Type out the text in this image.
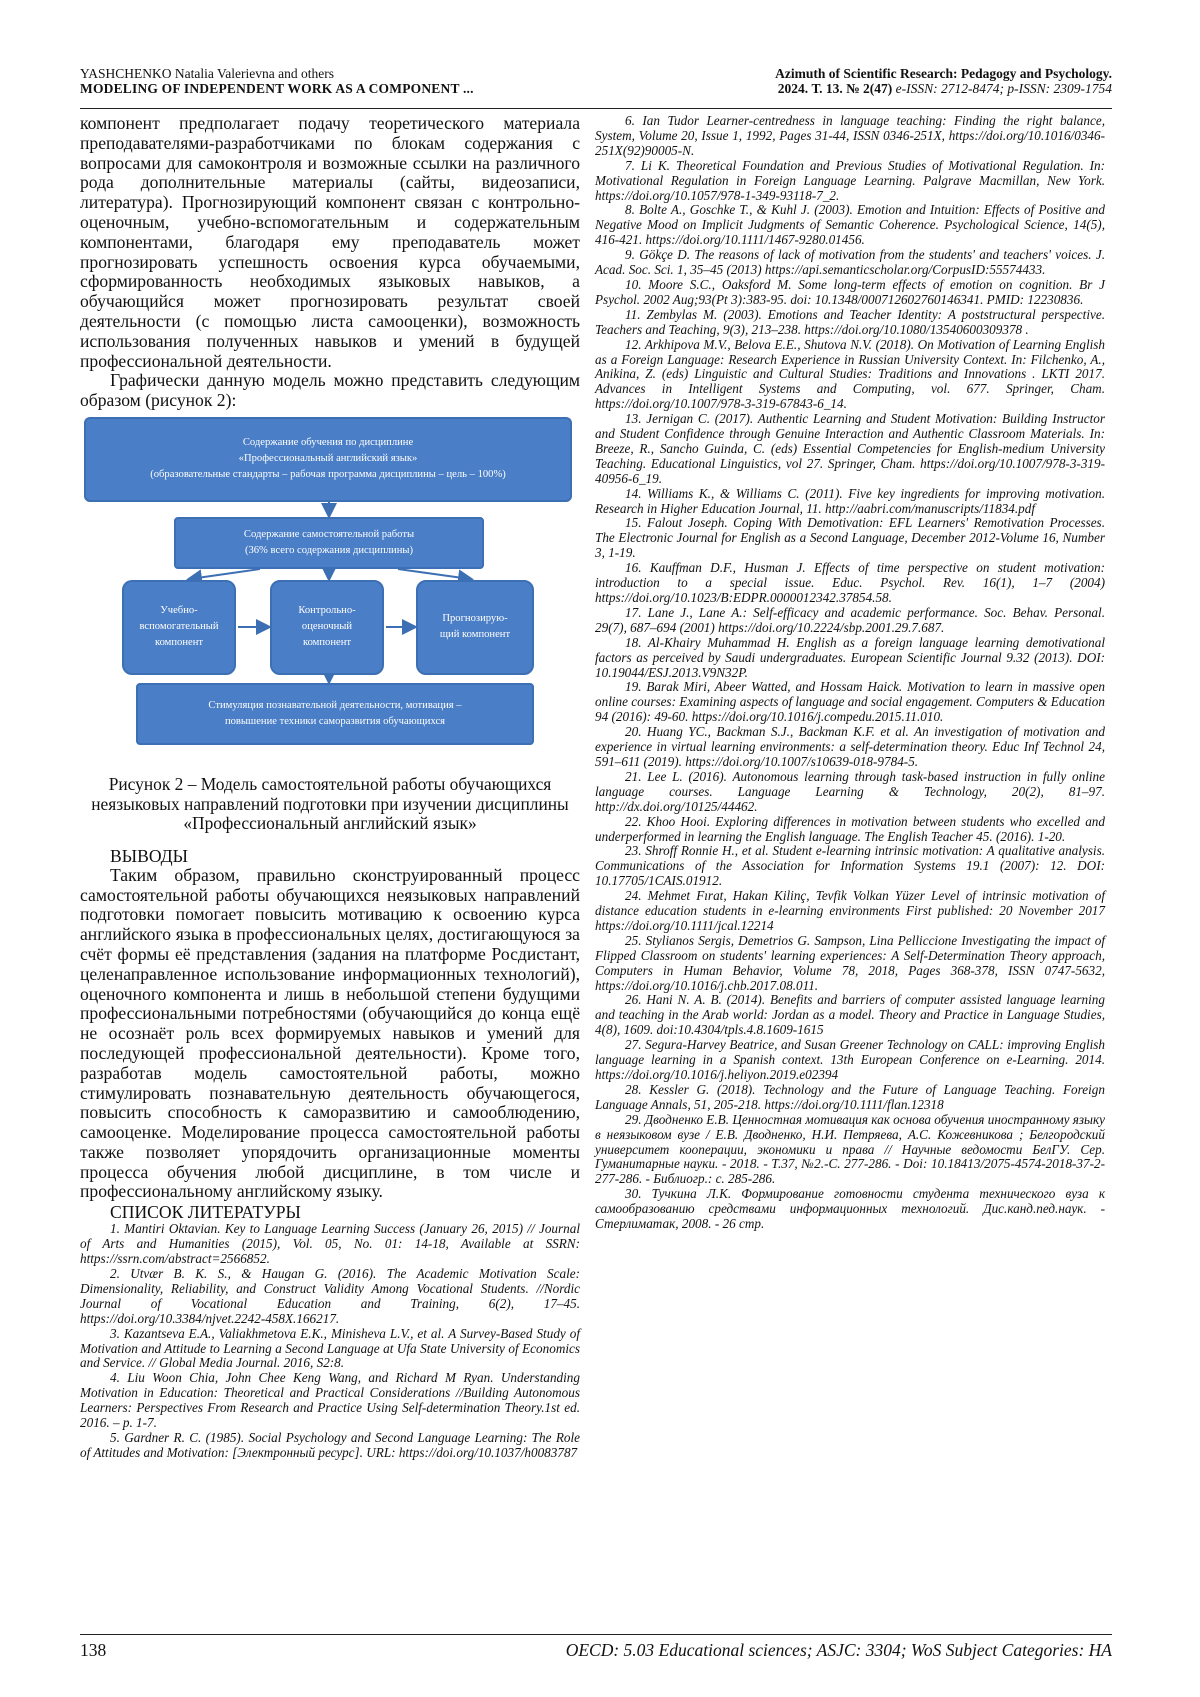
YASHCHENKO Natalia Valerievna and others
MODELING OF INDEPENDENT WORK AS A COMPONENT ...
Azimuth of Scientific Research: Pedagogy and Psychology.
2024. Т. 13. № 2(47) e-ISSN: 2712-8474; p-ISSN: 2309-1754

компонент предполагает подачу теоретического материала преподавателями-разработчиками по блокам содержания с вопросами для самоконтроля и возможные ссылки на различного рода дополнительные материалы (сайты, видеозаписи, литература). Прогнозирующий компонент связан с контрольно-оценочным, учебно-вспомогательным и содержательным компонентами, благодаря ему преподаватель может прогнозировать успешность освоения курса обучаемыми, сформированность необходимых языковых навыков, а обучающийся может прогнозировать результат своей деятельности (с помощью листа самооценки), возможность использования полученных навыков и умений в будущей профессиональной деятельности.

Графически данную модель можно представить следующим образом (рисунок 2):

Содержание обучения по дисциплине
«Профессиональный английский язык»
(образовательные стандарты – рабочая программа дисциплины – цель – 100%)
Содержание самостоятельной работы
(36% всего содержания дисциплины)
Учебно-
вспомогательный
компонент
Контрольно-
оценочный
компонент
Прогнозирую-
щий компонент
Стимуляция познавательной деятельности, мотивация –
повышение техники саморазвития обучающихся

Рисунок 2 – Модель самостоятельной работы обучающихся неязыковых направлений подготовки при изучении дисциплины «Профессиональный английский язык»

ВЫВОДЫ

Таким образом, правильно сконструированный процесс самостоятельной работы обучающихся неязыковых направлений подготовки помогает повысить мотивацию к освоению курса английского языка в профессиональных целях, достигающуюся за счёт формы её представления (задания на платформе Росдистант, целенаправленное использование информационных технологий), оценочного компонента и лишь в небольшой степени будущими профессиональными потребностями (обучающийся до конца ещё не осознаёт роль всех формируемых навыков и умений для последующей профессиональной деятельности). Кроме того, разработав модель самостоятельной работы, можно стимулировать познавательную деятельность обучающегося, повысить способность к саморазвитию и самооблюдению, самооценке. Моделирование процесса самостоятельной работы также позволяет упорядочить организационные моменты процесса обучения любой дисциплине, в том числе и профессиональному английскому языку.

СПИСОК ЛИТЕРАТУРЫ

1. Mantiri Oktavian. Key to Language Learning Success (January 26, 2015) // Journal of Arts and Humanities (2015), Vol. 05, No. 01: 14-18, Available at SSRN: https://ssrn.com/abstract=2566852.

2. Utvær B. K. S., & Haugan G. (2016). The Academic Motivation Scale: Dimensionality, Reliability, and Construct Validity Among Vocational Students. //Nordic Journal of Vocational Education and Training, 6(2), 17–45. https://doi.org/10.3384/njvet.2242-458X.166217.

3. Kazantseva E.A., Valiakhmetova E.K., Minisheva L.V., et al. A Survey-Based Study of Motivation and Attitude to Learning a Second Language at Ufa State University of Economics and Service. // Global Media Journal. 2016, S2:8.

4. Liu Woon Chia, John Chee Keng Wang, and Richard M Ryan. Understanding Motivation in Education: Theoretical and Practical Considerations //Building Autonomous Learners: Perspectives From Research and Practice Using Self-determination Theory.1st ed. 2016. – p. 1-7.

5. Gardner R. C. (1985). Social Psychology and Second Language Learning: The Role of Attitudes and Motivation: [Электронный ресурс]. URL: https://doi.org/10.1037/h0083787

6. Ian Tudor Learner-centredness in language teaching: Finding the right balance, System, Volume 20, Issue 1, 1992, Pages 31-44, ISSN 0346-251X, https://doi.org/10.1016/0346-251X(92)90005-N.

7. Li K. Theoretical Foundation and Previous Studies of Motivational Regulation. In: Motivational Regulation in Foreign Language Learning. Palgrave Macmillan, New York. https://doi.org/10.1057/978-1-349-93118-7_2.

8. Bolte A., Goschke T., & Kuhl J. (2003). Emotion and Intuition: Effects of Positive and Negative Mood on Implicit Judgments of Semantic Coherence. Psychological Science, 14(5), 416-421. https://doi.org/10.1111/1467-9280.01456.

9. Gökçe D. The reasons of lack of motivation from the students' and teachers' voices. J. Acad. Soc. Sci. 1, 35–45 (2013) https://api.semanticscholar.org/CorpusID:55574433.

10. Moore S.C., Oaksford M. Some long-term effects of emotion on cognition. Br J Psychol. 2002 Aug;93(Pt 3):383-95. doi: 10.1348/000712602760146341. PMID: 12230836.

11. Zembylas M. (2003). Emotions and Teacher Identity: A poststructural perspective. Teachers and Teaching, 9(3), 213–238. https://doi.org/10.1080/13540600309378 .

12. Arkhipova M.V., Belova E.E., Shutova N.V. (2018). On Motivation of Learning English as a Foreign Language: Research Experience in Russian University Context. In: Filchenko, A., Anikina, Z. (eds) Linguistic and Cultural Studies: Traditions and Innovations . LKTI 2017. Advances in Intelligent Systems and Computing, vol. 677. Springer, Cham. https://doi.org/10.1007/978-3-319-67843-6_14.

13. Jernigan C. (2017). Authentic Learning and Student Motivation: Building Instructor and Student Confidence through Genuine Interaction and Authentic Classroom Materials. In: Breeze, R., Sancho Guinda, C. (eds) Essential Competencies for English-medium University Teaching. Educational Linguistics, vol 27. Springer, Cham. https://doi.org/10.1007/978-3-319-40956-6_19.

14. Williams K., & Williams C. (2011). Five key ingredients for improving motivation. Research in Higher Education Journal, 11. http://aabri.com/manuscripts/11834.pdf

15. Falout Joseph. Coping With Demotivation: EFL Learners' Remotivation Processes. The Electronic Journal for English as a Second Language, December 2012-Volume 16, Number 3, 1-19.

16. Kauffman D.F., Husman J. Effects of time perspective on student motivation: introduction to a special issue. Educ. Psychol. Rev. 16(1), 1–7 (2004) https://doi.org/10.1023/B:EDPR.0000012342.37854.58.

17. Lane J., Lane A.: Self-efficacy and academic performance. Soc. Behav. Personal. 29(7), 687–694 (2001) https://doi.org/10.2224/sbp.2001.29.7.687.

18. Al-Khairy Muhammad H. English as a foreign language learning demotivational factors as perceived by Saudi undergraduates. European Scientific Journal 9.32 (2013). DOI: 10.19044/ESJ.2013.V9N32P.

19. Barak Miri, Abeer Watted, and Hossam Haick. Motivation to learn in massive open online courses: Examining aspects of language and social engagement. Computers & Education 94 (2016): 49-60. https://doi.org/10.1016/j.compedu.2015.11.010.

20. Huang YC., Backman S.J., Backman K.F. et al. An investigation of motivation and experience in virtual learning environments: a self-determination theory. Educ Inf Technol 24, 591–611 (2019). https://doi.org/10.1007/s10639-018-9784-5.

21. Lee L. (2016). Autonomous learning through task-based instruction in fully online language courses. Language Learning & Technology, 20(2), 81–97. http://dx.doi.org/10125/44462.

22. Khoo Hooi. Exploring differences in motivation between students who excelled and underperformed in learning the English language. The English Teacher 45. (2016). 1-20.

23. Shroff Ronnie H., et al. Student e-learning intrinsic motivation: A qualitative analysis. Communications of the Association for Information Systems 19.1 (2007): 12. DOI: 10.17705/1CAIS.01912.

24. Mehmet Fırat, Hakan Kilinç, Tevfik Volkan Yüzer Level of intrinsic motivation of distance education students in e-learning environments First published: 20 November 2017 https://doi.org/10.1111/jcal.12214

25. Stylianos Sergis, Demetrios G. Sampson, Lina Pelliccione Investigating the impact of Flipped Classroom on students' learning experiences: A Self-Determination Theory approach, Computers in Human Behavior, Volume 78, 2018, Pages 368-378, ISSN 0747-5632, https://doi.org/10.1016/j.chb.2017.08.011.

26. Hani N. A. B. (2014). Benefits and barriers of computer assisted language learning and teaching in the Arab world: Jordan as a model. Theory and Practice in Language Studies, 4(8), 1609. doi:10.4304/tpls.4.8.1609-1615

27. Segura-Harvey Beatrice, and Susan Greener Technology on CALL: improving English language learning in a Spanish context. 13th European Conference on e-Learning. 2014. https://doi.org/10.1016/j.heliyon.2019.e02394

28. Kessler G. (2018). Technology and the Future of Language Teaching. Foreign Language Annals, 51, 205-218. https://doi.org/10.1111/flan.12318

29. Дводненко Е.В. Ценностная мотивация как основа обучения иностранному языку в неязыковом вузе / Е.В. Дводненко, Н.И. Петряева, А.С. Кожевникова ; Белгородский университет кооперации, экономики и права // Научные ведомости БелГУ. Сер. Гуманитарные науки. - 2018. - Т.37, №2.-С. 277-286. - Doi: 10.18413/2075-4574-2018-37-2-277-286. - Библиогр.: с. 285-286.

30. Тучкина Л.К. Формирование готовности студента технического вуза к самообразованию средствами информационных технологий. Дис.канд.пед.наук. - Стерлиматак, 2008. - 26 стр.

138	OECD: 5.03 Educational sciences; ASJC: 3304; WoS Subject Categories: HA
